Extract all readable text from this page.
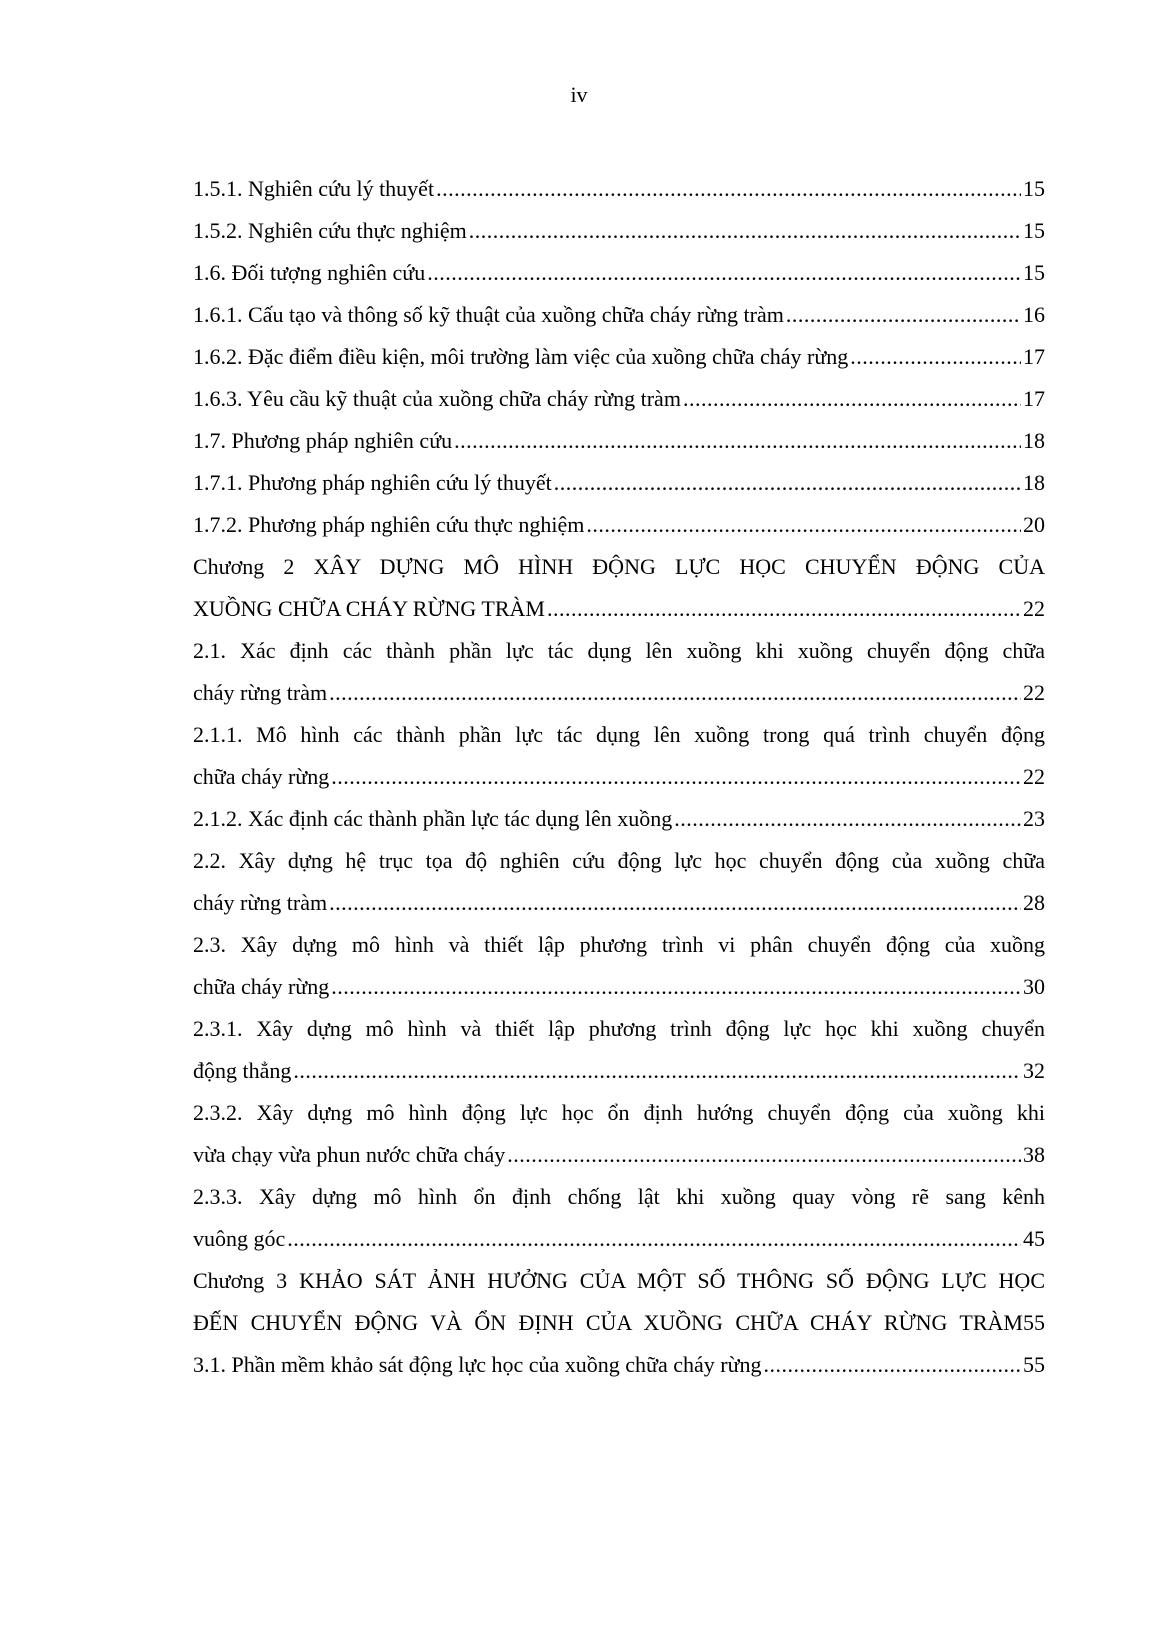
iv
1.5.1. Nghiên cứu lý thuyết .....	15
1.5.2. Nghiên cứu thực nghiệm .....	15
1.6. Đối tượng nghiên cứu .....	15
1.6.1. Cấu tạo và thông số kỹ thuật của xuồng chữa cháy rừng tràm .....	16
1.6.2. Đặc điểm điều kiện, môi trường làm việc của xuồng chữa cháy rừng .....	17
1.6.3. Yêu cầu kỹ thuật của xuồng chữa cháy rừng tràm .....	17
1.7. Phương pháp nghiên cứu .....	18
1.7.1. Phương pháp nghiên cứu lý thuyết .....	18
1.7.2. Phương pháp nghiên cứu thực nghiệm .....	20
Chương 2 XÂY DỰNG MÔ HÌNH ĐỘNG LỰC HỌC CHUYỂN ĐỘNG CỦA
XUỒNG CHỮA CHÁY RỪNG TRÀM .....	22
2.1. Xác định các thành phần lực tác dụng lên xuồng khi xuồng chuyển động chữa
cháy rừng tràm .....	22
2.1.1. Mô hình các thành phần lực tác dụng lên xuồng trong quá trình chuyển động
chữa cháy rừng .....	22
2.1.2. Xác định các thành phần lực tác dụng lên xuồng .....	23
2.2. Xây dựng hệ trục tọa độ nghiên cứu động lực học chuyển động của xuồng chữa
cháy rừng tràm .....	28
2.3. Xây dựng mô hình và thiết lập phương trình vi phân chuyển động của xuồng
chữa cháy rừng .....	30
2.3.1. Xây dựng mô hình và thiết lập phương trình động lực học khi xuồng chuyển
động thẳng .....	32
2.3.2. Xây dựng mô hình động lực học ổn định hướng chuyển động của xuồng khi
vừa chạy vừa phun nước chữa cháy .....	38
2.3.3. Xây dựng mô hình ổn định chống lật khi xuồng quay vòng rẽ sang kênh
vuông góc .....	45
Chương 3 KHẢO SÁT ẢNH HƯỞNG CỦA MỘT SỐ THÔNG SỐ ĐỘNG LỰC HỌC
ĐẾN CHUYỂN ĐỘNG VÀ ỔN ĐỊNH CỦA XUỒNG CHỮA CHÁY RỪNG TRÀM55
3.1. Phần mềm khảo sát động lực học của xuồng chữa cháy rừng .....	55
